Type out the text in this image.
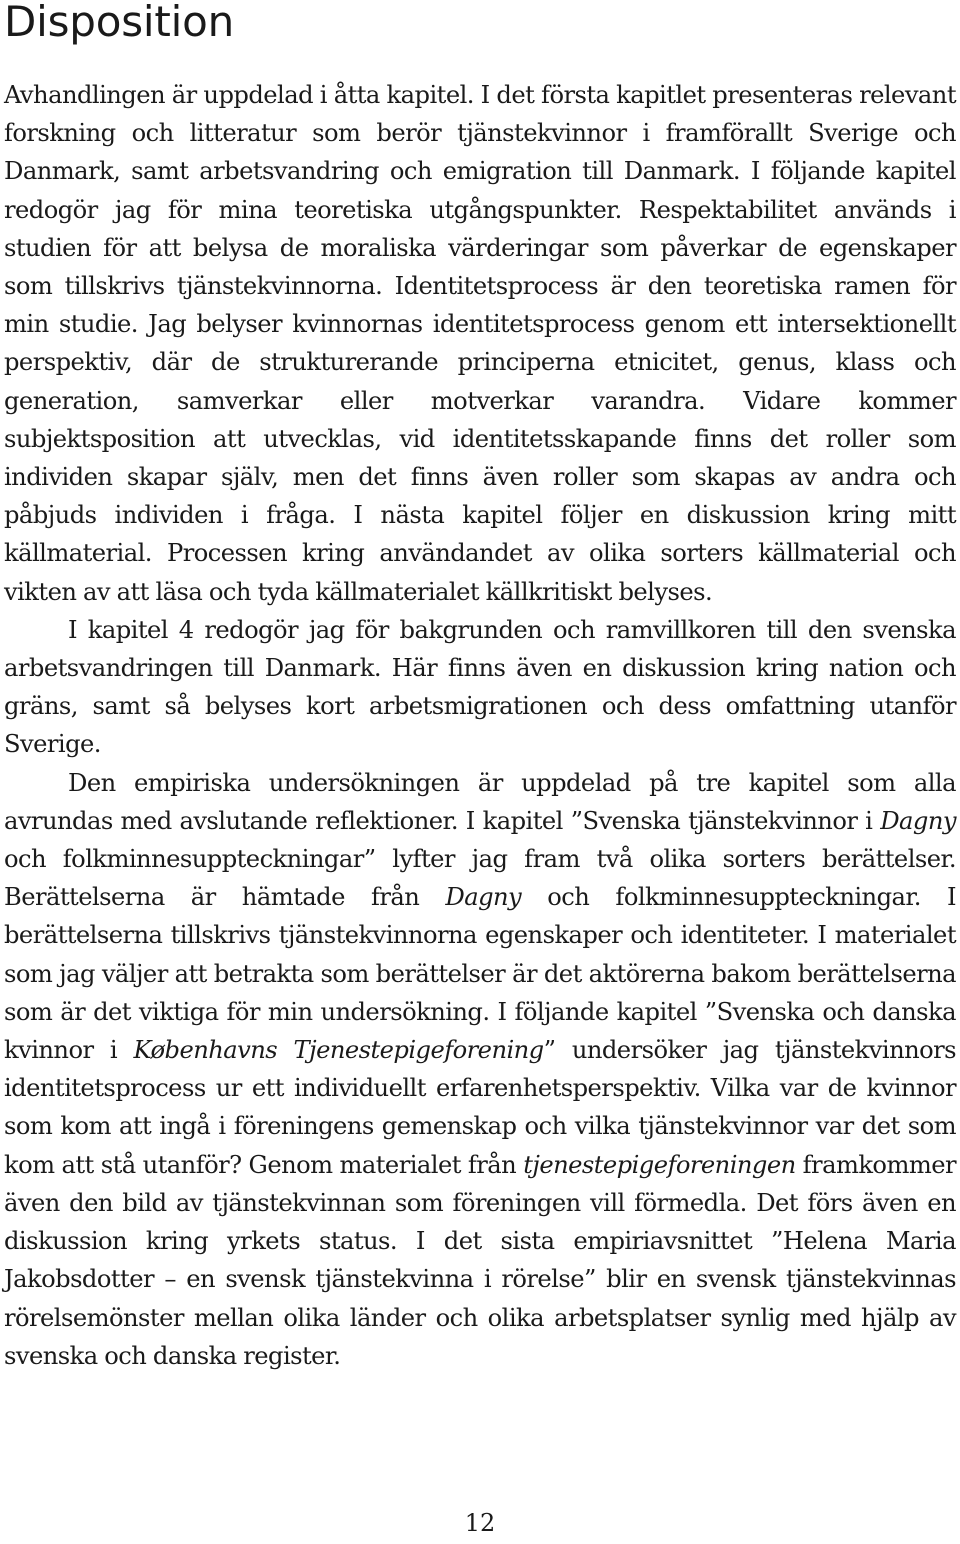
Disposition

Avhandlingen är uppdelad i åtta kapitel. I det första kapitlet presenteras relevant forskning och litteratur som berör tjänstekvinnor i framförallt Sverige och Danmark, samt arbetsvandring och emigration till Danmark. I följande kapitel redogör jag för mina teoretiska utgångspunkter. Respektabilitet används i studien för att belysa de moraliska värderingar som påverkar de egenskaper som tillskrivs tjänstekvinnorna. Identitetsprocess är den teoretiska ramen för min studie. Jag belyser kvinnornas identitetsprocess genom ett intersektionellt perspektiv, där de strukturerande principerna etnicitet, genus, klass och generation, samverkar eller motverkar varandra. Vidare kommer subjektsposition att utvecklas, vid identitetsskapande finns det roller som individen skapar själv, men det finns även roller som skapas av andra och påbjuds individen i fråga. I nästa kapitel följer en diskussion kring mitt källmaterial. Processen kring användandet av olika sorters källmaterial och vikten av att läsa och tyda källmaterialet källkritiskt belyses.

I kapitel 4 redogör jag för bakgrunden och ramvillkoren till den svenska arbetsvandringen till Danmark. Här finns även en diskussion kring nation och gräns, samt så belyses kort arbetsmigrationen och dess omfattning utanför Sverige.

Den empiriska undersökningen är uppdelad på tre kapitel som alla avrundas med avslutande reflektioner. I kapitel ”Svenska tjänstekvinnor i Dagny och folkminnesuppteckningar” lyfter jag fram två olika sorters berättelser. Berättelserna är hämtade från Dagny och folkminnesuppteckningar. I berättelserna tillskrivs tjänstekvinnorna egenskaper och identiteter. I materialet som jag väljer att betrakta som berättelser är det aktörerna bakom berättelserna som är det viktiga för min undersökning. I följande kapitel ”Svenska och danska kvinnor i Københavns Tjenestepigeforening” undersöker jag tjänstekvinnors identitetsprocess ur ett individuellt erfarenhetsperspektiv. Vilka var de kvinnor som kom att ingå i föreningens gemenskap och vilka tjänstekvinnor var det som kom att stå utanför? Genom materialet från tjenestepigeforeningen framkommer även den bild av tjänstekvinnan som föreningen vill förmedla. Det förs även en diskussion kring yrkets status. I det sista empiriavsnittet ”Helena Maria Jakobsdotter – en svensk tjänstekvinna i rörelse” blir en svensk tjänstekvinnas rörelsemönster mellan olika länder och olika arbetsplatser synlig med hjälp av svenska och danska register.

12
